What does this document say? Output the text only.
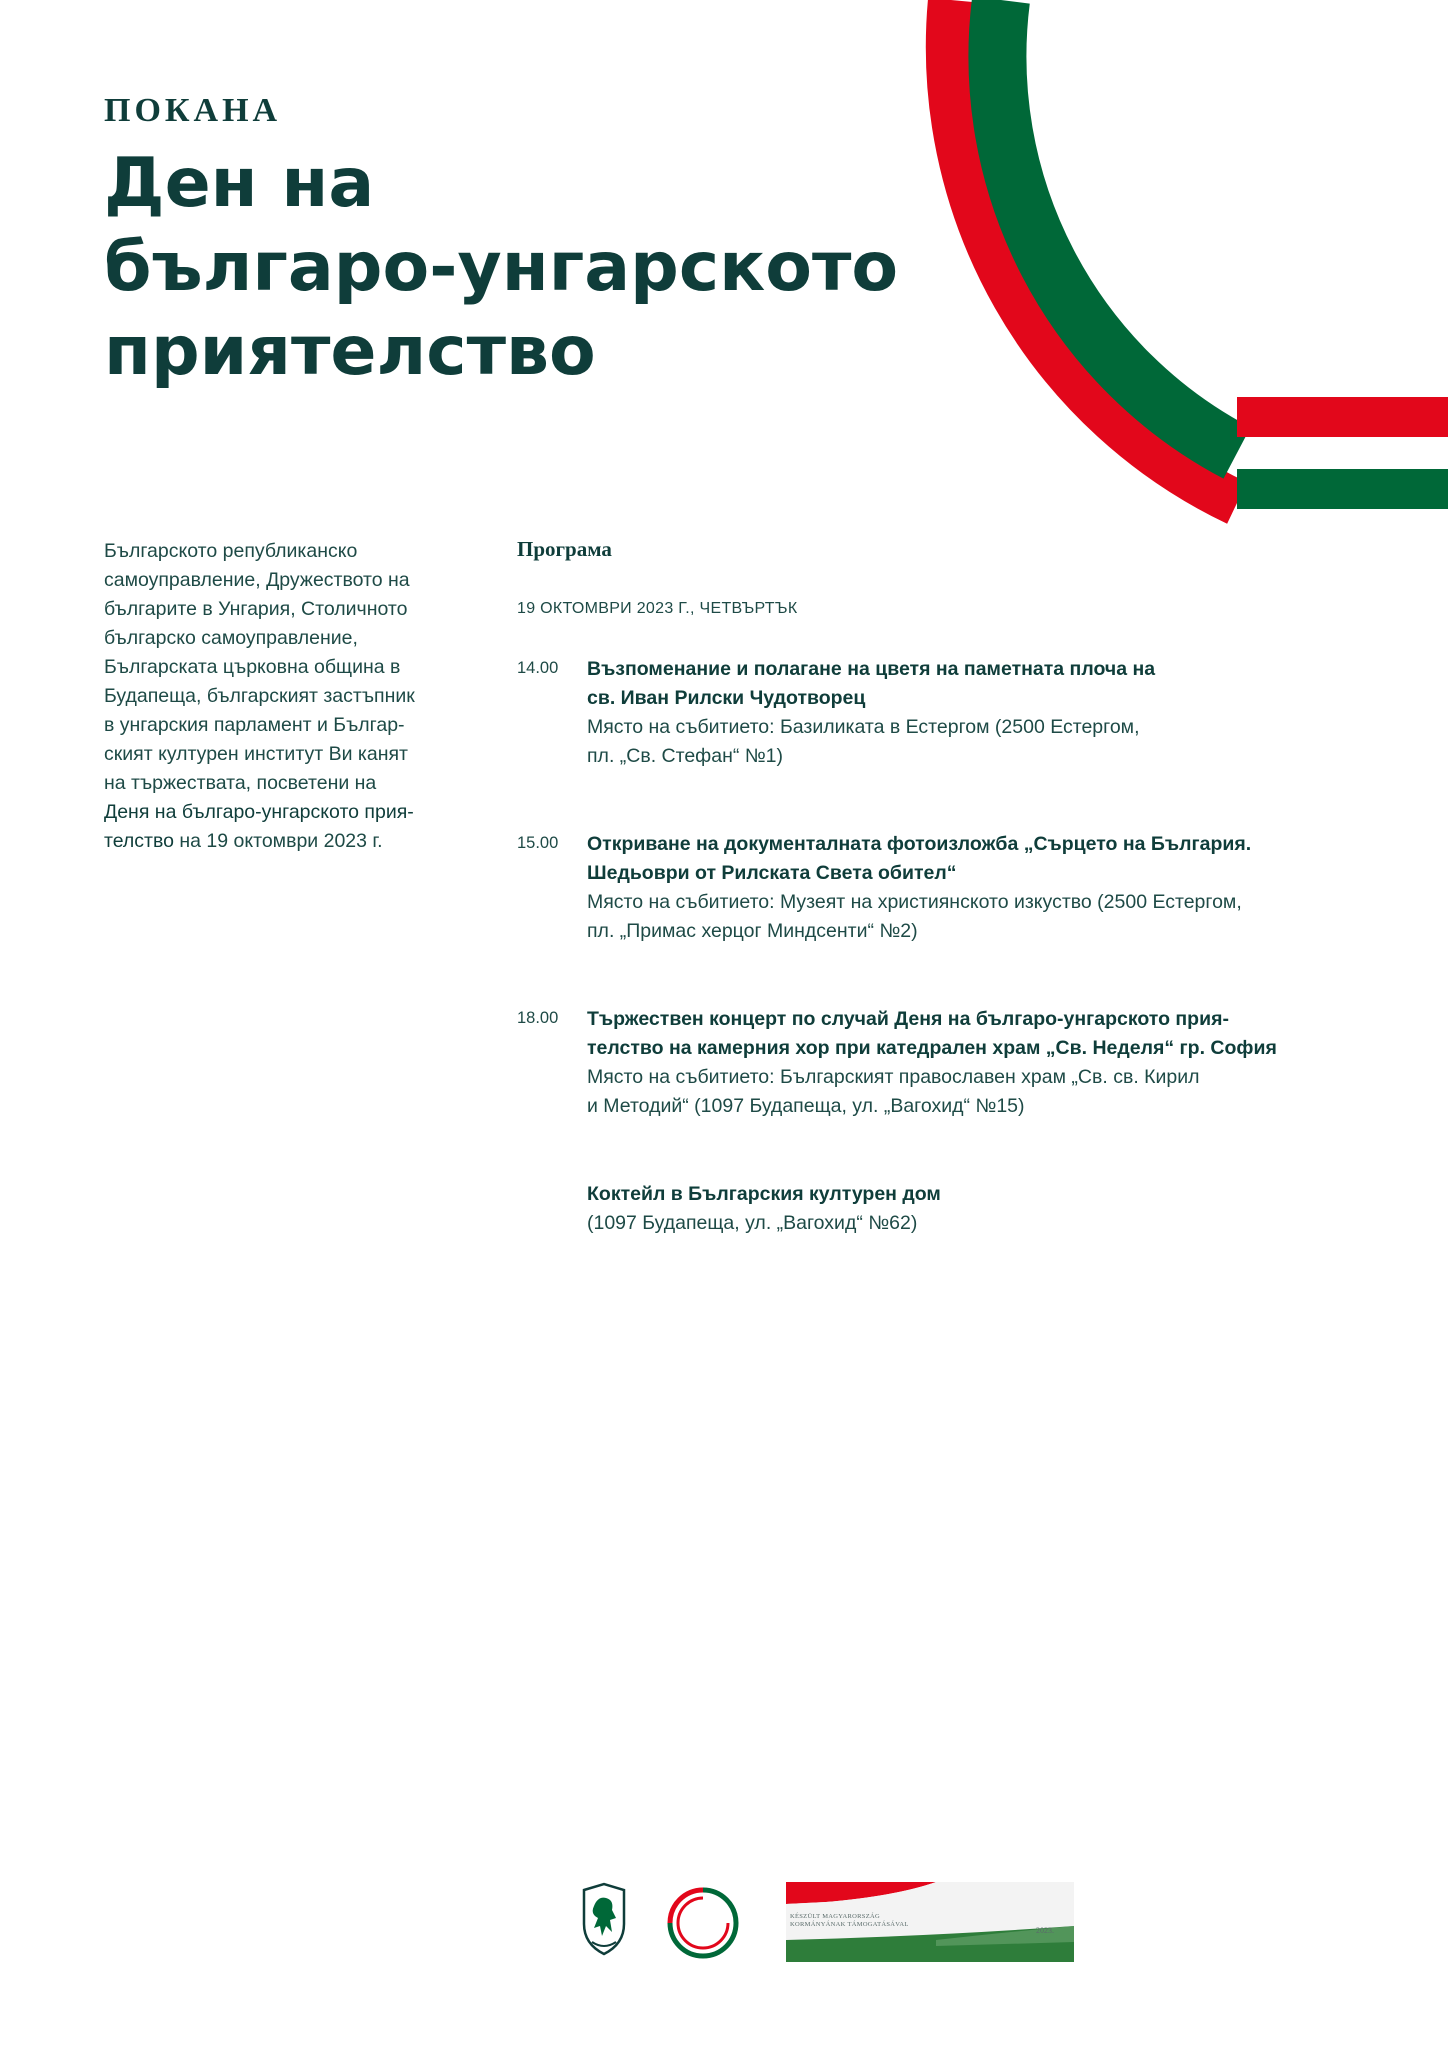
ПОКАНА
Ден на
българо-унгарското
приятелство

Българското републиканско
самоуправление, Дружеството на
българите в Унгария, Столичното
българско самоуправление,
Българската църковна община в
Будапеща, българският застъпник
в унгарския парламент и Българ-
ският културен институт Ви канят
на тържествата, посветени на
Деня на българо-унгарското прия-
телство на 19 октомври 2023 г.

Програма
19 ОКТОМВРИ 2023 Г., ЧЕТВЪРТЪК
14.00 Възпоменание и полагане на цветя на паметната плоча на
св. Иван Рилски Чудотворец
Място на събитието: Базиликата в Естергом (2500 Естергом,
пл. „Св. Стефан“ №1)
15.00 Откриване на документалната фотоизложба „Сърцето на България.
Шедьоври от Рилската Света обител“
Място на събитието: Музеят на християнското изкуство (2500 Естергом,
пл. „Примас херцог Миндсенти“ №2)
18.00 Тържествен концерт по случай Деня на българо-унгарското прия-
телство на камерния хор при катедрален храм „Св. Неделя“ гр. София
Място на събитието: Българският православен храм „Св. св. Кирил
и Методий“ (1097 Будапеща, ул. „Вагохид“ №15)
Коктейл в Българския културен дом
(1097 Будапеща, ул. „Вагохид“ №62)
KÉSZÜLT MAGYARORSZÁG
KORMÁNYÁNAK TÁMOGATÁSÁVAL
2023.
